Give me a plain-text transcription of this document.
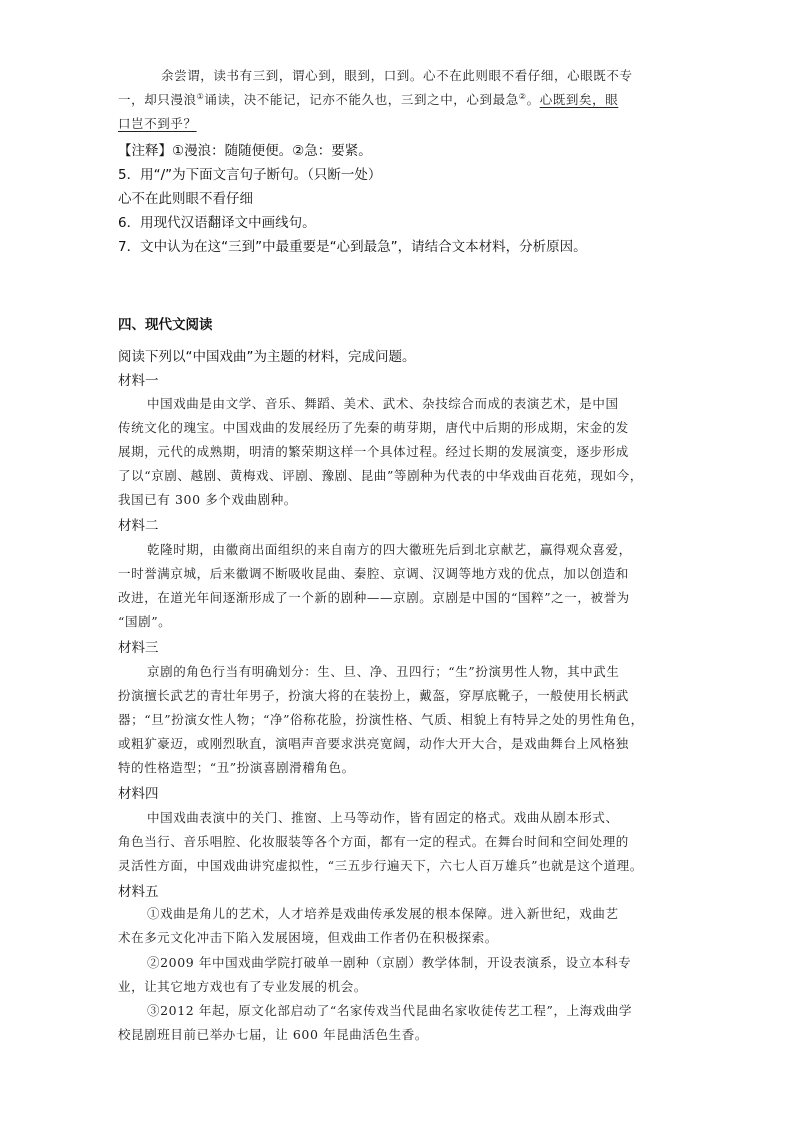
余尝谓，读书有三到，谓心到，眼到，口到。心不在此则眼不看仔细，心眼既不专
一，却只漫浪①诵读，决不能记，记亦不能久也，三到之中，心到最急②。心既到矣，眼
口岂不到乎？
【注释】①漫浪：随随便便。②急：要紧。
5．用“/”为下面文言句子断句。（只断一处）
心不在此则眼不看仔细
6．用现代汉语翻译文中画线句。
7．文中认为在这“三到”中最重要是“心到最急”，请结合文本材料，分析原因。
四、现代文阅读
阅读下列以“中国戏曲”为主题的材料，完成问题。
材料一
中国戏曲是由文学、音乐、舞蹈、美术、武术、杂技综合而成的表演艺术，是中国
传统文化的瑰宝。中国戏曲的发展经历了先秦的萌芽期，唐代中后期的形成期，宋金的发
展期，元代的成熟期，明清的繁荣期这样一个具体过程。经过长期的发展演变，逐步形成
了以“京剧、越剧、黄梅戏、评剧、豫剧、昆曲”等剧种为代表的中华戏曲百花苑，现如今，
我国已有 300 多个戏曲剧种。
材料二
乾隆时期，由徽商出面组织的来自南方的四大徽班先后到北京献艺，赢得观众喜爱，
一时誉满京城，后来徽调不断吸收昆曲、秦腔、京调、汉调等地方戏的优点，加以创造和
改进，在道光年间逐渐形成了一个新的剧种——京剧。京剧是中国的“国粹”之一，被誉为
“国剧”。
材料三
京剧的角色行当有明确划分：生、旦、净、丑四行；“生”扮演男性人物，其中武生
扮演擅长武艺的青壮年男子，扮演大将的在装扮上，戴盔，穿厚底靴子，一般使用长柄武
器；“旦”扮演女性人物；“净”俗称花脸，扮演性格、气质、相貌上有特异之处的男性角色，
或粗犷豪迈，或刚烈耿直，演唱声音要求洪亮宽阔，动作大开大合，是戏曲舞台上风格独
特的性格造型；“丑”扮演喜剧滑稽角色。
材料四
中国戏曲表演中的关门、推窗、上马等动作，皆有固定的格式。戏曲从剧本形式、
角色当行、音乐唱腔、化妆服装等各个方面，都有一定的程式。在舞台时间和空间处理的
灵活性方面，中国戏曲讲究虚拟性，“三五步行遍天下，六七人百万雄兵”也就是这个道理。
材料五
①戏曲是角儿的艺术，人才培养是戏曲传承发展的根本保障。进入新世纪，戏曲艺
术在多元文化冲击下陷入发展困境，但戏曲工作者仍在积极探索。
②2009 年中国戏曲学院打破单一剧种（京剧）教学体制，开设表演系，设立本科专
业，让其它地方戏也有了专业发展的机会。
③2012 年起，原文化部启动了“名家传戏当代昆曲名家收徒传艺工程”，上海戏曲学
校昆剧班目前已举办七届，让 600 年昆曲活色生香。
